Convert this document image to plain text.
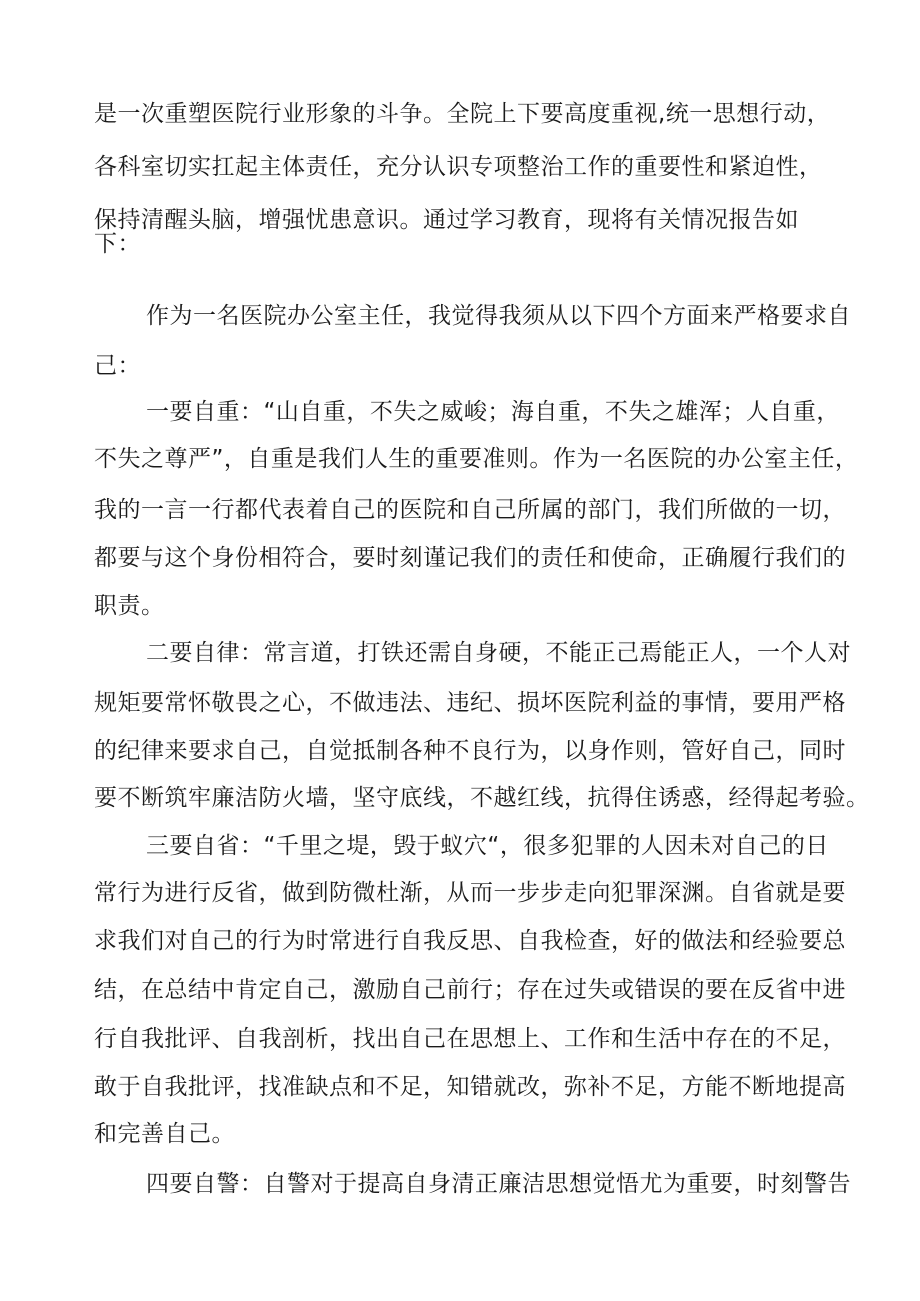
是一次重塑医院行业形象的斗争。全院上下要高度重视,统一思想行动，
各科室切实扛起主体责任，充分认识专项整治工作的重要性和紧迫性，
保持清醒头脑，增强忧患意识。通过学习教育，现将有关情况报告如
下：
作为一名医院办公室主任，我觉得我须从以下四个方面来严格要求自
己：
一要自重：“山自重，不失之威峻；海自重，不失之雄浑；人自重，
不失之尊严”，自重是我们人生的重要准则。作为一名医院的办公室主任，
我的一言一行都代表着自己的医院和自己所属的部门，我们所做的一切，
都要与这个身份相符合，要时刻谨记我们的责任和使命，正确履行我们的
职责。
二要自律：常言道，打铁还需自身硬，不能正己焉能正人，一个人对
规矩要常怀敬畏之心，不做违法、违纪、损坏医院利益的事情，要用严格
的纪律来要求自己，自觉抵制各种不良行为，以身作则，管好自己，同时
要不断筑牢廉洁防火墙，坚守底线，不越红线，抗得住诱惑，经得起考验。
三要自省：“千里之堤，毁于蚁穴“，很多犯罪的人因未对自己的日
常行为进行反省，做到防微杜渐，从而一步步走向犯罪深渊。自省就是要
求我们对自己的行为时常进行自我反思、自我检查，好的做法和经验要总
结，在总结中肯定自己，激励自己前行；存在过失或错误的要在反省中进
行自我批评、自我剖析，找出自己在思想上、工作和生活中存在的不足，
敢于自我批评，找准缺点和不足，知错就改，弥补不足，方能不断地提高
和完善自己。
四要自警：自警对于提高自身清正廉洁思想觉悟尤为重要，时刻警告
